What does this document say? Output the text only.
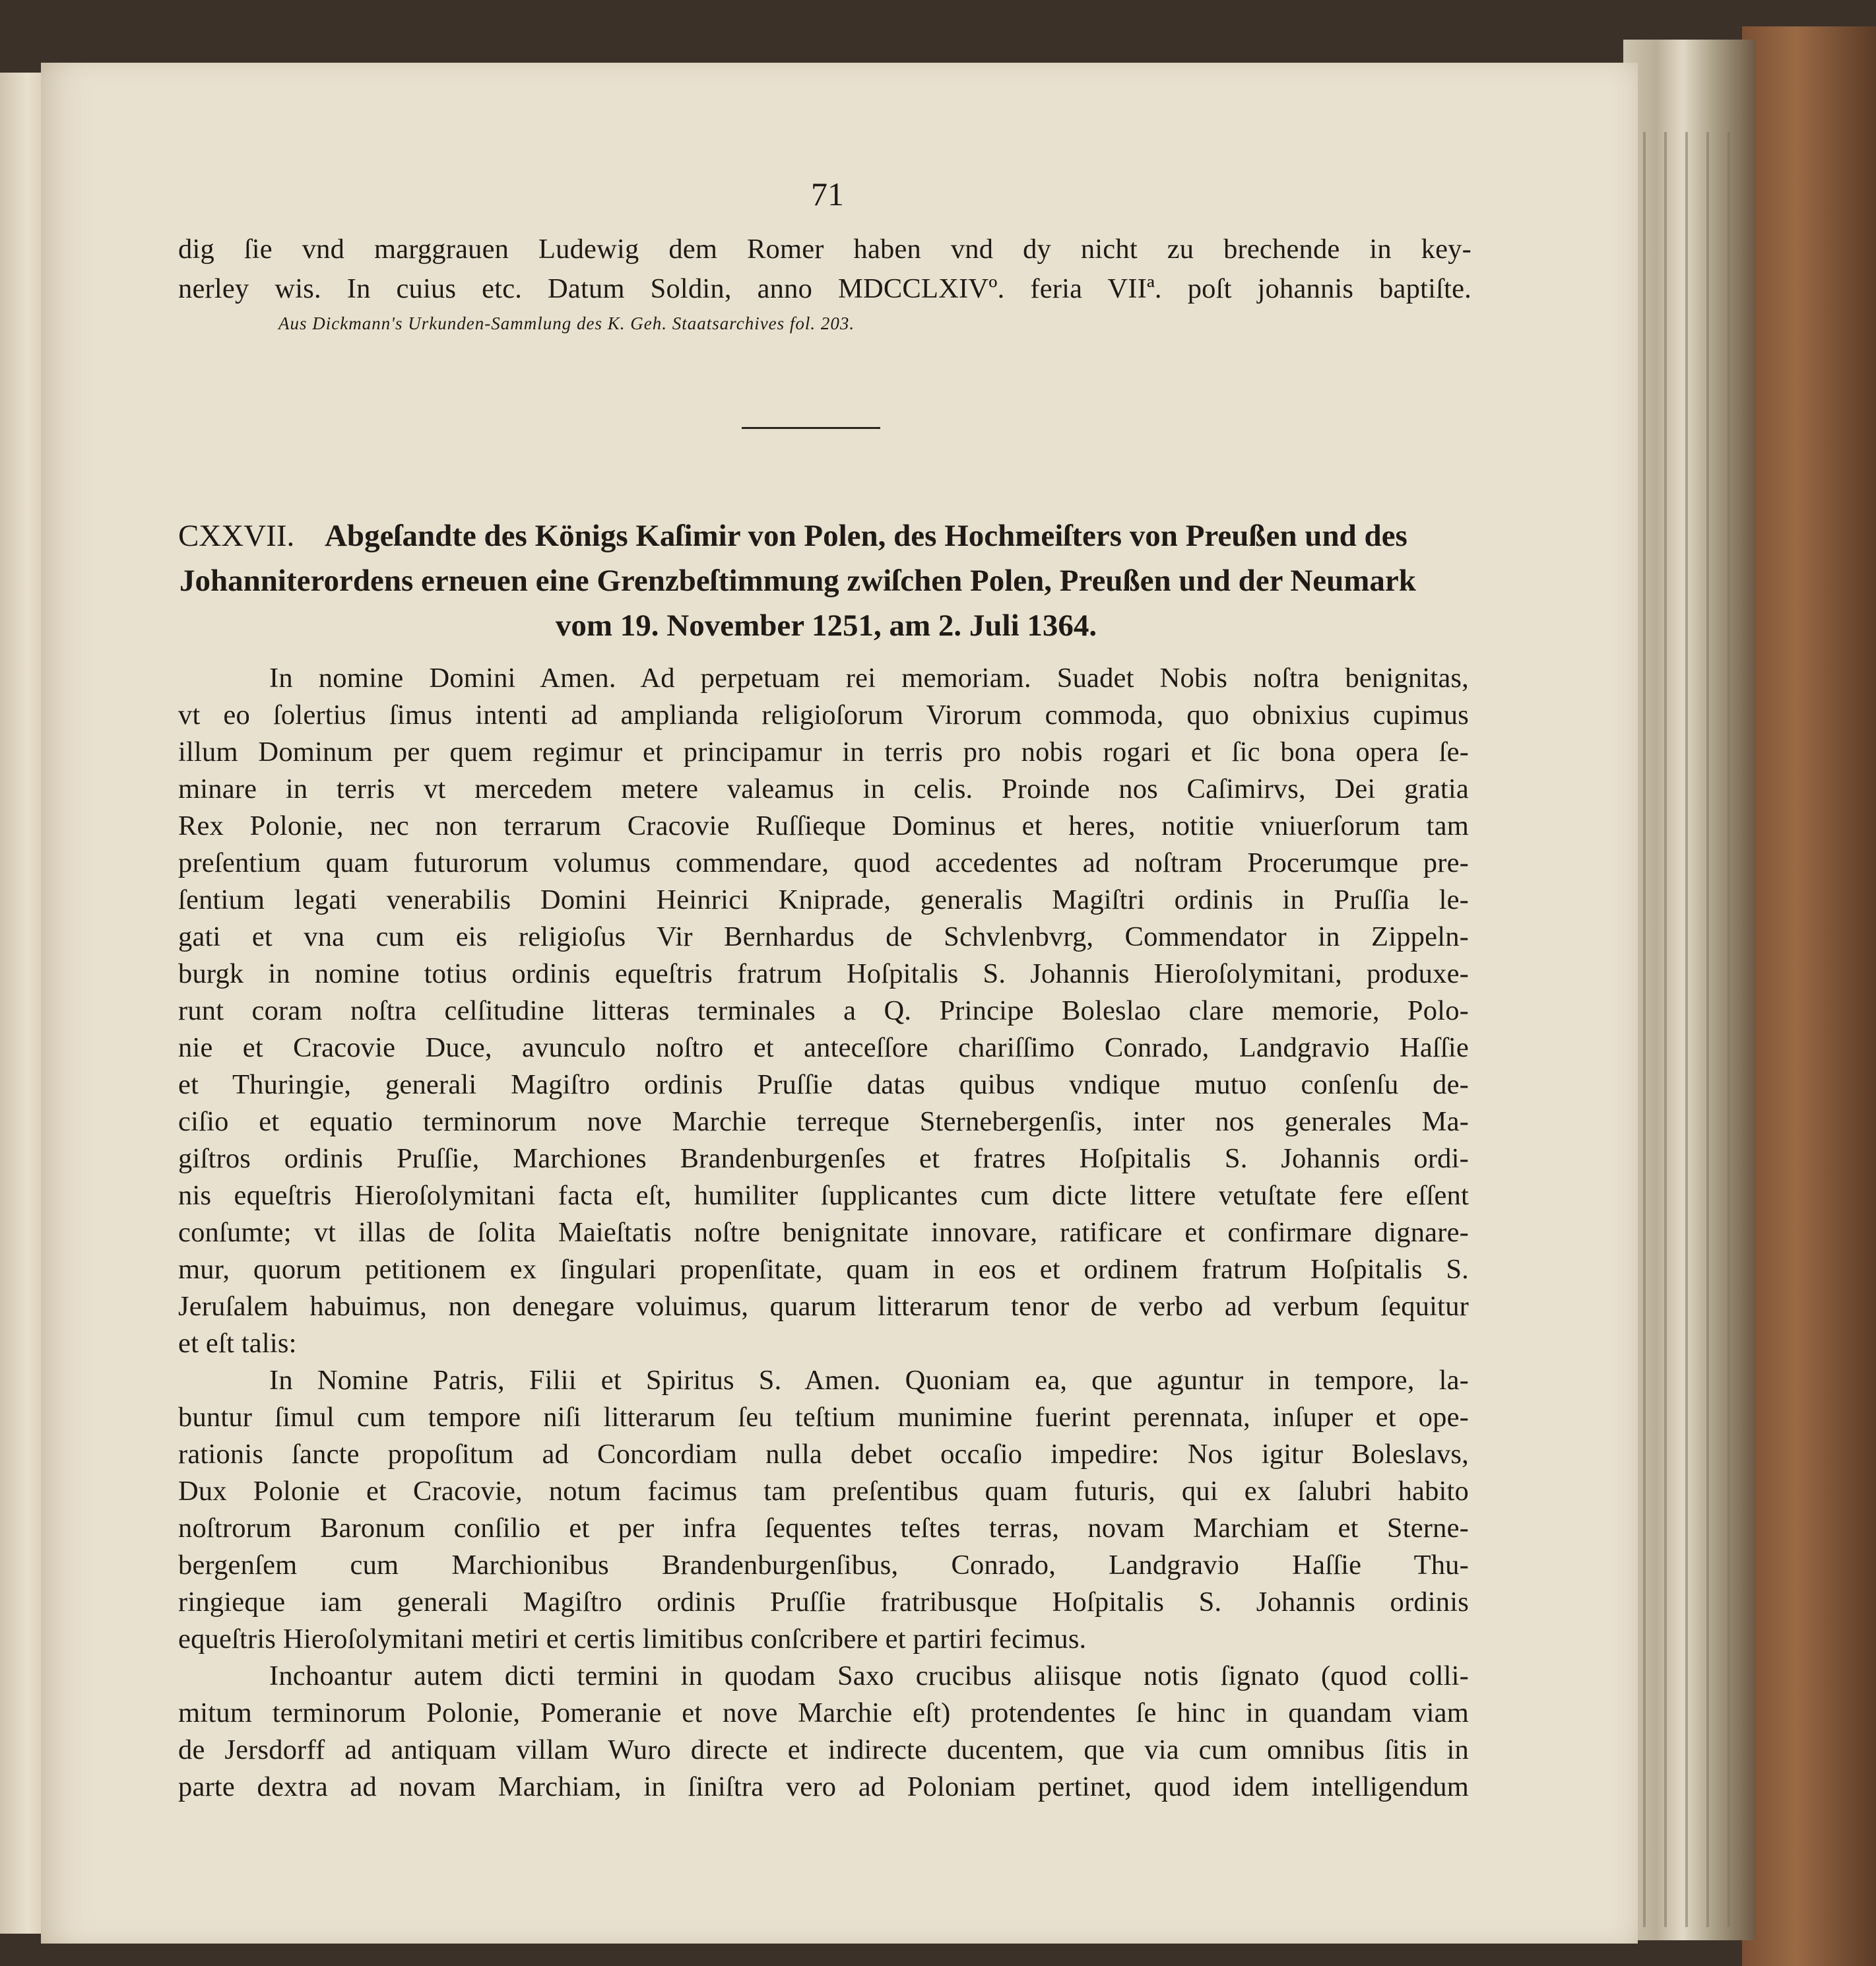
71
dig ſie vnd marggrauen Ludewig dem Romer haben vnd dy nicht zu brechende in key-
nerley wis. In cuius etc. Datum Soldin, anno MDCCLXIVº. feria VIIª. poſt johannis baptiſte.
Aus Dickmann's Urkunden-Sammlung des K. Geh. Staatsarchives fol. 203.
CXXVII. Abgeſandte des Königs Kaſimir von Polen, des Hochmeiſters von Preußen und des
Johanniterordens erneuen eine Grenzbeſtimmung zwiſchen Polen, Preußen und der Neumark
vom 19. November 1251, am 2. Juli 1364.
In nomine Domini Amen. Ad perpetuam rei memoriam. Suadet Nobis noſtra benignitas,
vt eo ſolertius ſimus intenti ad amplianda religioſorum Virorum commoda, quo obnixius cupimus
illum Dominum per quem regimur et principamur in terris pro nobis rogari et ſic bona opera ſe-
minare in terris vt mercedem metere valeamus in celis. Proinde nos Caſimirvs, Dei gratia
Rex Polonie, nec non terrarum Cracovie Ruſſieque Dominus et heres, notitie vniuerſorum tam
preſentium quam futurorum volumus commendare, quod accedentes ad noſtram Procerumque pre-
ſentium legati venerabilis Domini Heinrici Kniprade, generalis Magiſtri ordinis in Pruſſia le-
gati et vna cum eis religioſus Vir Bernhardus de Schvlenbvrg, Commendator in Zippeln-
burgk in nomine totius ordinis equeſtris fratrum Hoſpitalis S. Johannis Hieroſolymitani, produxe-
runt coram noſtra celſitudine litteras terminales a Q. Principe Boleslao clare memorie, Polo-
nie et Cracovie Duce, avunculo noſtro et anteceſſore chariſſimo Conrado, Landgravio Haſſie
et Thuringie, generali Magiſtro ordinis Pruſſie datas quibus vndique mutuo conſenſu de-
ciſio et equatio terminorum nove Marchie terreque Sternebergenſis, inter nos generales Ma-
giſtros ordinis Pruſſie, Marchiones Brandenburgenſes et fratres Hoſpitalis S. Johannis ordi-
nis equeſtris Hieroſolymitani facta eſt, humiliter ſupplicantes cum dicte littere vetuſtate fere eſſent
conſumte; vt illas de ſolita Maieſtatis noſtre benignitate innovare, ratificare et confirmare dignare-
mur, quorum petitionem ex ſingulari propenſitate, quam in eos et ordinem fratrum Hoſpitalis S.
Jeruſalem habuimus, non denegare voluimus, quarum litterarum tenor de verbo ad verbum ſequitur
et eſt talis:
In Nomine Patris, Filii et Spiritus S. Amen. Quoniam ea, que aguntur in tempore, la-
buntur ſimul cum tempore niſi litterarum ſeu teſtium munimine fuerint perennata, inſuper et ope-
rationis ſancte propoſitum ad Concordiam nulla debet occaſio impedire: Nos igitur Boleslavs,
Dux Polonie et Cracovie, notum facimus tam preſentibus quam futuris, qui ex ſalubri habito
noſtrorum Baronum conſilio et per infra ſequentes teſtes terras, novam Marchiam et Sterne-
bergenſem cum Marchionibus Brandenburgenſibus, Conrado, Landgravio Haſſie Thu-
ringieque iam generali Magiſtro ordinis Pruſſie fratribusque Hoſpitalis S. Johannis ordinis
equeſtris Hieroſolymitani metiri et certis limitibus conſcribere et partiri fecimus.
Inchoantur autem dicti termini in quodam Saxo crucibus aliisque notis ſignato (quod colli-
mitum terminorum Polonie, Pomeranie et nove Marchie eſt) protendentes ſe hinc in quandam viam
de Jersdorff ad antiquam villam Wuro directe et indirecte ducentem, que via cum omnibus ſitis in
parte dextra ad novam Marchiam, in ſiniſtra vero ad Poloniam pertinet, quod idem intelligendum
